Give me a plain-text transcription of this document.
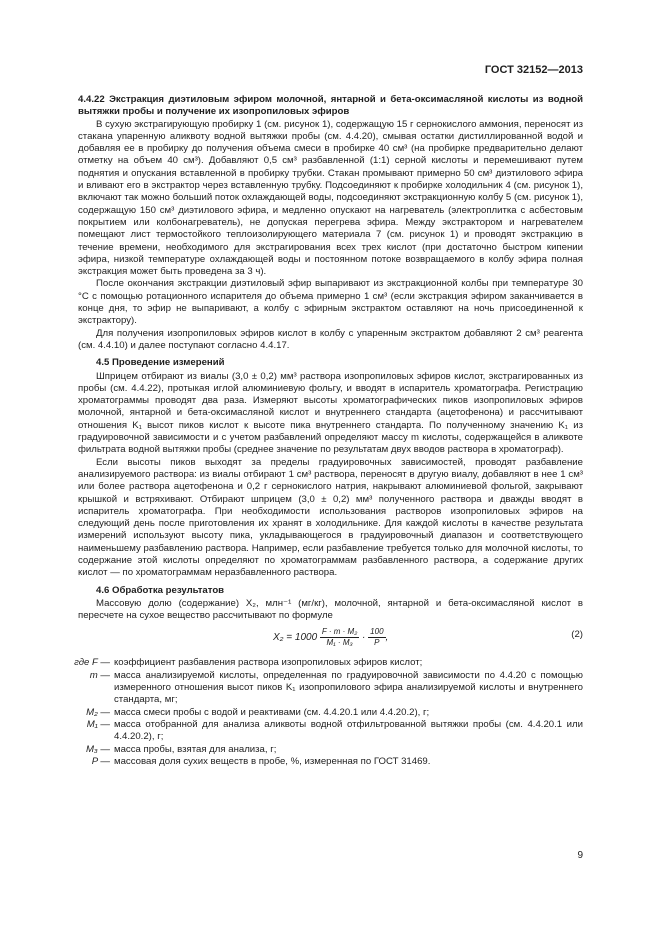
ГОСТ 32152—2013

4.4.22 Экстракция диэтиловым эфиром молочной, янтарной и бета-оксимасляной кислоты из водной вытяжки пробы и получение их изопропиловых эфиров

В сухую экстрагирующую пробирку 1 (см. рисунок 1), содержащую 15 г сернокислого аммония, переносят из стакана упаренную аликвоту водной вытяжки пробы (см. 4.4.20), смывая остатки дистиллированной водой и добавляя ее в пробирку до получения объема смеси в пробирке 40 см³ (на пробирке предварительно делают отметку на объем 40 см³). Добавляют 0,5 см³ разбавленной (1:1) серной кислоты и перемешивают путем поднятия и опускания вставленной в пробирку трубки. Стакан промывают примерно 50 см³ диэтилового эфира и вливают его в экстрактор через вставленную трубку. Подсоединяют к пробирке холодильник 4 (см. рисунок 1), включают так можно больший поток охлаждающей воды, подсоединяют экстракционную колбу 5 (см. рисунок 1), содержащую 150 см³ диэтилового эфира, и медленно опускают на нагреватель (электроплитка с асбестовым покрытием или колбонагреватель), не допуская перегрева эфира. Между экстрактором и нагревателем помещают лист термостойкого теплоизолирующего материала 7 (см. рисунок 1) и проводят экстракцию в течение времени, необходимого для экстрагирования всех трех кислот (при достаточно быстром кипении эфира, низкой температуре охлаждающей воды и постоянном потоке возвращаемого в колбу эфира полная экстракция может быть проведена за 3 ч).

После окончания экстракции диэтиловый эфир выпаривают из экстракционной колбы при температуре 30 °С с помощью ротационного испарителя до объема примерно 1 см³ (если экстракция эфиром заканчивается в конце дня, то эфир не выпаривают, а колбу с эфирным экстрактом оставляют на ночь присоединенной к экстрактору).

Для получения изопропиловых эфиров кислот в колбу с упаренным экстрактом добавляют 2 см³ реагента (см. 4.4.10) и далее поступают согласно 4.4.17.

4.5 Проведение измерений

Шприцем отбирают из виалы (3,0 ± 0,2) мм³ раствора изопропиловых эфиров кислот, экстрагированных из пробы (см. 4.4.22), протыкая иглой алюминиевую фольгу, и вводят в испаритель хроматографа. Регистрацию хроматограммы проводят два раза. Измеряют высоты хроматографических пиков изопропиловых эфиров молочной, янтарной и бета-оксимасляной кислот и внутреннего стандарта (ацетофенона) и рассчитывают отношения K₁ высот пиков кислот к высоте пика внутреннего стандарта. По полученному значению K₁ из градуировочной зависимости и с учетом разбавлений определяют массу m кислоты, содержащейся в аликвоте фильтрата водной вытяжки пробы (среднее значение по результатам двух вводов раствора в хроматограф).

Если высоты пиков выходят за пределы градуировочных зависимостей, проводят разбавление анализируемого раствора: из виалы отбирают 1 см³ раствора, переносят в другую виалу, добавляют в нее 1 см³ или более раствора ацетофенона и 0,2 г сернокислого натрия, накрывают алюминиевой фольгой, закрывают крышкой и встряхивают. Отбирают шприцем (3,0 ± 0,2) мм³ полученного раствора и дважды вводят в испаритель хроматографа. При необходимости использования растворов изопропиловых эфиров на следующий день после приготовления их хранят в холодильнике. Для каждой кислоты в качестве результата измерений используют высоту пика, укладывающегося в градуировочный диапазон и соответствующего наименьшему разбавлению раствора. Например, если разбавление требуется только для молочной кислоты, то содержание этой кислоты определяют по хроматограммам разбавленного раствора, а содержание других кислот — по хроматограммам неразбавленного раствора.

4.6 Обработка результатов

Массовую долю (содержание) X₂, млн⁻¹ (мг/кг), молочной, янтарной и бета-оксимасляной кислот в пересчете на сухое вещество рассчитывают по формуле

$X_2 = 1000 \frac{\text{F · m · M₂}}{\text{M₁ · M₃}} \cdot \frac{100}{P}$ ,	(2)
где F —	коэффициент разбавления раствора изопропиловых эфиров кислот;
m —	масса анализируемой кислоты, определенная по градуировочной зависимости по 4.4.20 с помощью измеренного отношения высот пиков K₁ изопропилового эфира анализируемой кислоты и внутреннего стандарта, мг;
M₂ —	масса смеси пробы с водой и реактивами (см. 4.4.20.1 или 4.4.20.2), г;
M₁ —	масса отобранной для анализа аликвоты водной отфильтрованной вытяжки пробы (см. 4.4.20.1 или 4.4.20.2), г;
M₃ —	масса пробы, взятая для анализа, г;
P —	массовая доля сухих веществ в пробе, %, измеренная по ГОСТ 31469.
9
